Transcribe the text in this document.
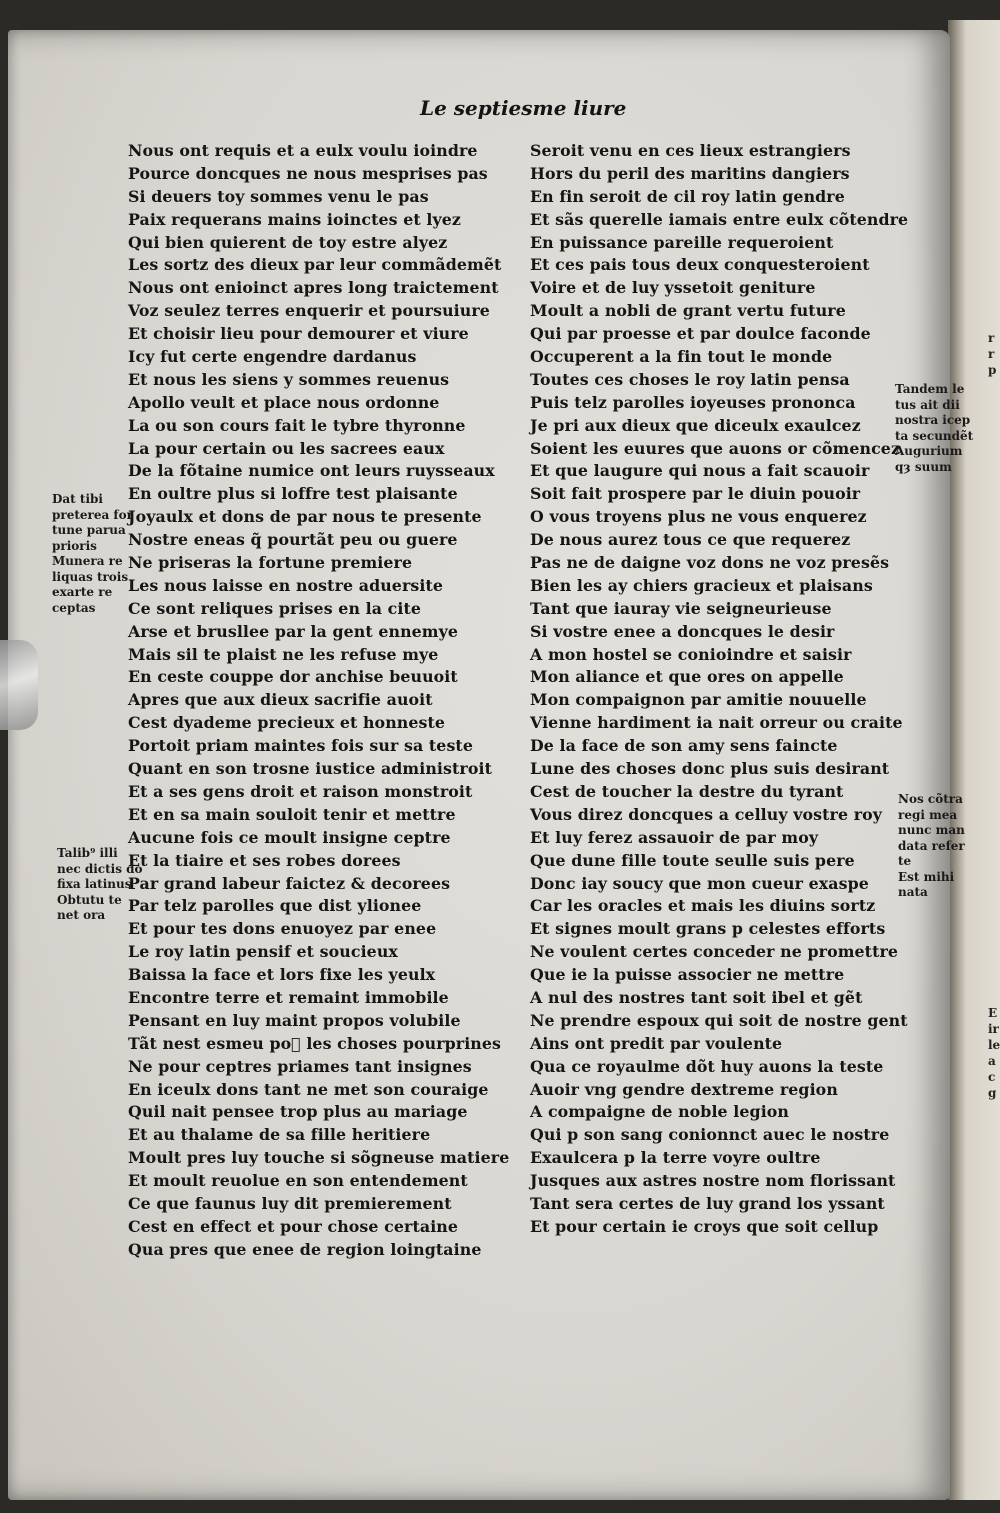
r
r
p
E
ir
le
a
c
g
Le septiesme liure
Nous ont requis et a eulx voulu ioindre
Pource doncques ne nous mesprises pas
Si deuers toy sommes venu le pas
Paix requerans mains ioinctes et lyez
Qui bien quierent de toy estre alyez
Les sortz des dieux par leur commãdemẽt
Nous ont enioinct apres long traictement
Voz seulez terres enquerir et poursuiure
Et choisir lieu pour demourer et viure
Icy fut certe engendre dardanus
Et nous les siens y sommes reuenus
Apollo veult et place nous ordonne
La ou son cours fait le tybre thyronne
La pour certain ou les sacrees eaux
De la fõtaine numice ont leurs ruysseaux
En oultre plus si loffre test plaisante
Joyaulx et dons de par nous te presente
Nostre eneas q̃ pourtãt peu ou guere
Ne priseras la fortune premiere
Les nous laisse en nostre aduersite
Ce sont reliques prises en la cite
Arse et brusllee par la gent ennemye
Mais sil te plaist ne les refuse mye
En ceste couppe dor anchise beuuoit
Apres que aux dieux sacrifie auoit
Cest dyademe precieux et honneste
Portoit priam maintes fois sur sa teste
Quant en son trosne iustice administroit
Et a ses gens droit et raison monstroit
Et en sa main souloit tenir et mettre
Aucune fois ce moult insigne ceptre
Et la tiaire et ses robes dorees
Par grand labeur faictez & decorees
Par telz parolles que dist ylionee
Et pour tes dons enuoyez par enee
Le roy latin pensif et soucieux
Baissa la face et lors fixe les yeulx
Encontre terre et remaint immobile
Pensant en luy maint propos volubile
Tãt nest esmeu po᷑ les choses pourprines
Ne pour ceptres priames tant insignes
En iceulx dons tant ne met son couraige
Quil nait pensee trop plus au mariage
Et au thalame de sa fille heritiere
Moult pres luy touche si sõgneuse matiere
Et moult reuolue en son entendement
Ce que faunus luy dit premierement
Cest en effect et pour chose certaine
Qua pres que enee de region loingtaine
Seroit venu en ces lieux estrangiers
Hors du peril des maritins dangiers
En fin seroit de cil roy latin gendre
Et sãs querelle iamais entre eulx cõtendre
En puissance pareille requeroient
Et ces pais tous deux conquesteroient
Voire et de luy yssetoit geniture
Moult a nobli de grant vertu future
Qui par proesse et par doulce faconde
Occuperent a la fin tout le monde
Toutes ces choses le roy latin pensa
Puis telz parolles ioyeuses prononca
Je pri aux dieux que diceulx exaulcez
Soient les euures que auons or cõmencez
Et que laugure qui nous a fait scauoir
Soit fait prospere par le diuin pouoir
O vous troyens plus ne vous enquerez
De nous aurez tous ce que requerez
Pas ne de daigne voz dons ne voz presẽs
Bien les ay chiers gracieux et plaisans
Tant que iauray vie seigneurieuse
Si vostre enee a doncques le desir
A mon hostel se conioindre et saisir
Mon aliance et que ores on appelle
Mon compaignon par amitie nouuelle
Vienne hardiment ia nait orreur ou craite
De la face de son amy sens faincte
Lune des choses donc plus suis desirant
Cest de toucher la destre du tyrant
Vous direz doncques a celluy vostre roy
Et luy ferez assauoir de par moy
Que dune fille toute seulle suis pere
Donc iay soucy que mon cueur exaspe
Car les oracles et mais les diuins sortz
Et signes moult grans p celestes efforts
Ne voulent certes conceder ne promettre
Que ie la puisse associer ne mettre
A nul des nostres tant soit ibel et gẽt
Ne prendre espoux qui soit de nostre gent
Ains ont predit par voulente
Qua ce royaulme dõt huy auons la teste
Auoir vng gendre dextreme region
A compaigne de noble legion
Qui p son sang conionnct auec le nostre
Exaulcera p la terre voyre oultre
Jusques aux astres nostre nom florissant
Tant sera certes de luy grand los yssant
Et pour certain ie croys que soit cellup
Dat tibi
preterea for
tune parua
prioris
Munera re
liquas trois
exarte re
ceptas
Talib⁹ illi
nec dictis do
fixa latinus
Obtutu te
net ora
Tandem le
tus ait dii
nostra icep
ta secundẽt
Augurium
qȝ suum
Nos cõtra
regi mea
nunc man
data refer
te
Est mihi
nata
